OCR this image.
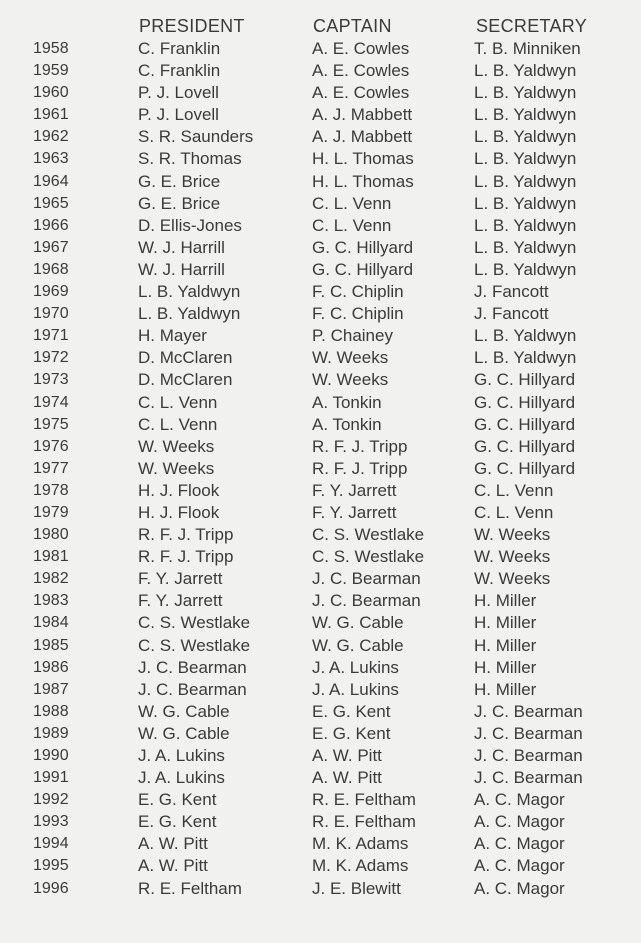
PRESIDENT	CAPTAIN	SECRETARY
1958	C. Franklin	A. E. Cowles	T. B. Minniken
1959	C. Franklin	A. E. Cowles	L. B. Yaldwyn
1960	P. J. Lovell	A. E. Cowles	L. B. Yaldwyn
1961	P. J. Lovell	A. J. Mabbett	L. B. Yaldwyn
1962	S. R. Saunders	A. J. Mabbett	L. B. Yaldwyn
1963	S. R. Thomas	H. L. Thomas	L. B. Yaldwyn
1964	G. E. Brice	H. L. Thomas	L. B. Yaldwyn
1965	G. E. Brice	C. L. Venn	L. B. Yaldwyn
1966	D. Ellis-Jones	C. L. Venn	L. B. Yaldwyn
1967	W. J. Harrill	G. C. Hillyard	L. B. Yaldwyn
1968	W. J. Harrill	G. C. Hillyard	L. B. Yaldwyn
1969	L. B. Yaldwyn	F. C. Chiplin	J. Fancott
1970	L. B. Yaldwyn	F. C. Chiplin	J. Fancott
1971	H. Mayer	P. Chainey	L. B. Yaldwyn
1972	D. McClaren	W. Weeks	L. B. Yaldwyn
1973	D. McClaren	W. Weeks	G. C. Hillyard
1974	C. L. Venn	A. Tonkin	G. C. Hillyard
1975	C. L. Venn	A. Tonkin	G. C. Hillyard
1976	W. Weeks	R. F. J. Tripp	G. C. Hillyard
1977	W. Weeks	R. F. J. Tripp	G. C. Hillyard
1978	H. J. Flook	F. Y. Jarrett	C. L. Venn
1979	H. J. Flook	F. Y. Jarrett	C. L. Venn
1980	R. F. J. Tripp	C. S. Westlake	W. Weeks
1981	R. F. J. Tripp	C. S. Westlake	W. Weeks
1982	F. Y. Jarrett	J. C. Bearman	W. Weeks
1983	F. Y. Jarrett	J. C. Bearman	H. Miller
1984	C. S. Westlake	W. G. Cable	H. Miller
1985	C. S. Westlake	W. G. Cable	H. Miller
1986	J. C. Bearman	J. A. Lukins	H. Miller
1987	J. C. Bearman	J. A. Lukins	H. Miller
1988	W. G. Cable	E. G. Kent	J. C. Bearman
1989	W. G. Cable	E. G. Kent	J. C. Bearman
1990	J. A. Lukins	A. W. Pitt	J. C. Bearman
1991	J. A. Lukins	A. W. Pitt	J. C. Bearman
1992	E. G. Kent	R. E. Feltham	A. C. Magor
1993	E. G. Kent	R. E. Feltham	A. C. Magor
1994	A. W. Pitt	M. K. Adams	A. C. Magor
1995	A. W. Pitt	M. K. Adams	A. C. Magor
1996	R. E. Feltham	J. E. Blewitt	A. C. Magor
